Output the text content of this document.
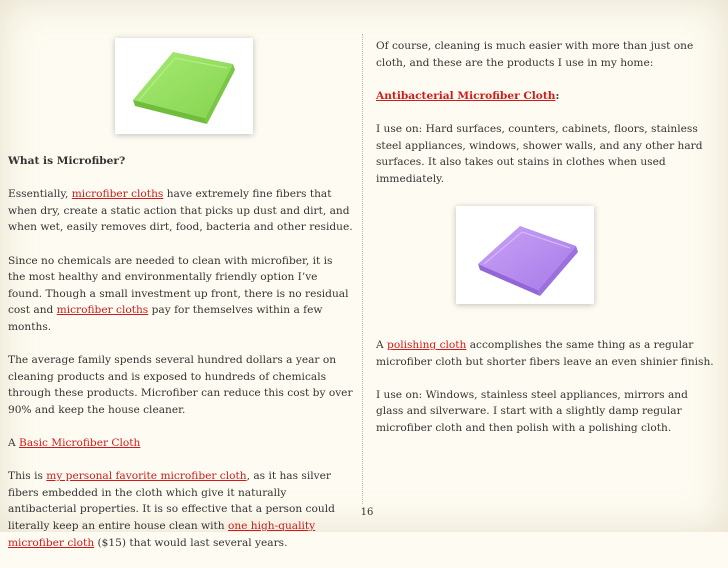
What is Microfiber?

Essentially, microfiber cloths have extremely fine fibers that when dry, create a static action that picks up dust and dirt, and when wet, easily removes dirt, food, bacteria and other residue.

Since no chemicals are needed to clean with microfiber, it is the most healthy and environmentally friendly option I’ve found. Though a small investment up front, there is no residual cost and microfiber cloths pay for themselves within a few months.

The average family spends several hundred dollars a year on cleaning products and is exposed to hundreds of chemicals through these products. Microfiber can reduce this cost by over 90% and keep the house cleaner.

A Basic Microfiber Cloth

This is my personal favorite microfiber cloth, as it has silver fibers embedded in the cloth which give it naturally antibacterial properties. It is so effective that a person could literally keep an entire house clean with one high-quality microfiber cloth ($15) that would last several years.

Of course, cleaning is much easier with more than just one cloth, and these are the products I use in my home:

Antibacterial Microfiber Cloth:

I use on: Hard surfaces, counters, cabinets, floors, stainless steel appliances, windows, shower walls, and any other hard surfaces. It also takes out stains in clothes when used immediately.

A polishing cloth accomplishes the same thing as a regular microfiber cloth but shorter fibers leave an even shinier finish.

I use on: Windows, stainless steel appliances, mirrors and glass and silverware. I start with a slightly damp regular microfiber cloth and then polish with a polishing cloth.

16
